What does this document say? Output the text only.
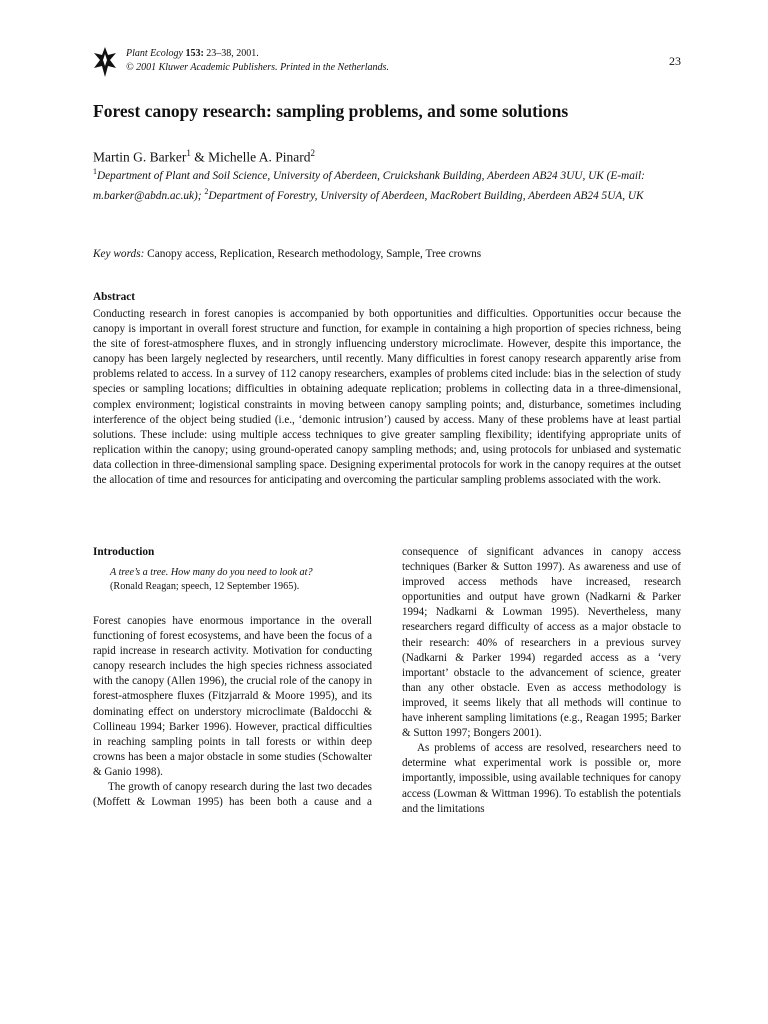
Plant Ecology 153: 23–38, 2001.
© 2001 Kluwer Academic Publishers. Printed in the Netherlands.	23
Forest canopy research: sampling problems, and some solutions
Martin G. Barker$^1$ & Michelle A. Pinard$^2$
$^1$Department of Plant and Soil Science, University of Aberdeen, Cruickshank Building, Aberdeen AB24 3UU, UK (E-mail: m.barker@abdn.ac.uk); $^2$Department of Forestry, University of Aberdeen, MacRobert Building, Aberdeen AB24 5UA, UK
Key words: Canopy access, Replication, Research methodology, Sample, Tree crowns
Abstract
Conducting research in forest canopies is accompanied by both opportunities and difficulties. Opportunities occur because the canopy is important in overall forest structure and function, for example in containing a high proportion of species richness, being the site of forest-atmosphere fluxes, and in strongly influencing understory microclimate. However, despite this importance, the canopy has been largely neglected by researchers, until recently. Many difficulties in forest canopy research apparently arise from problems related to access. In a survey of 112 canopy researchers, examples of problems cited include: bias in the selection of study species or sampling locations; difficulties in obtaining adequate replication; problems in collecting data in a three-dimensional, complex environment; logistical constraints in moving between canopy sampling points; and, disturbance, sometimes including interference of the object being studied (i.e., ‘demonic intrusion’) caused by access. Many of these problems have at least partial solutions. These include: using multiple access techniques to give greater sampling flexibility; identifying appropriate units of replication within the canopy; using ground-operated canopy sampling methods; and, using protocols for unbiased and systematic data collection in three-dimensional sampling space. Designing experimental protocols for work in the canopy requires at the outset the allocation of time and resources for anticipating and overcoming the particular sampling problems associated with the work.
Introduction
A tree’s a tree. How many do you need to look at?
(Ronald Reagan; speech, 12 September 1965).

Forest canopies have enormous importance in the overall functioning of forest ecosystems, and have been the focus of a rapid increase in research activity. Motivation for conducting canopy research includes the high species richness associated with the canopy (Allen 1996), the crucial role of the canopy in forest-atmosphere fluxes (Fitzjarrald & Moore 1995), and its dominating effect on understory microclimate (Baldocchi & Collineau 1994; Barker 1996). However, practical difficulties in reaching sampling points in tall forests or within deep crowns has been a major obstacle in some studies (Schowalter & Ganio 1998).

The growth of canopy research during the last two decades (Moffett & Lowman 1995) has been both a cause and a

consequence of significant advances in canopy access techniques (Barker & Sutton 1997). As awareness and use of improved access methods have increased, research opportunities and output have grown (Nadkarni & Parker 1994; Nadkarni & Lowman 1995). Nevertheless, many researchers regard difficulty of access as a major obstacle to their research: 40% of researchers in a previous survey (Nadkarni & Parker 1994) regarded access as a ‘very important’ obstacle to the advancement of science, greater than any other obstacle. Even as access methodology is improved, it seems likely that all methods will continue to have inherent sampling limitations (e.g., Reagan 1995; Barker & Sutton 1997; Bongers 2001).

As problems of access are resolved, researchers need to determine what experimental work is possible or, more importantly, impossible, using available techniques for canopy access (Lowman & Wittman 1996). To establish the potentials and the limitations
